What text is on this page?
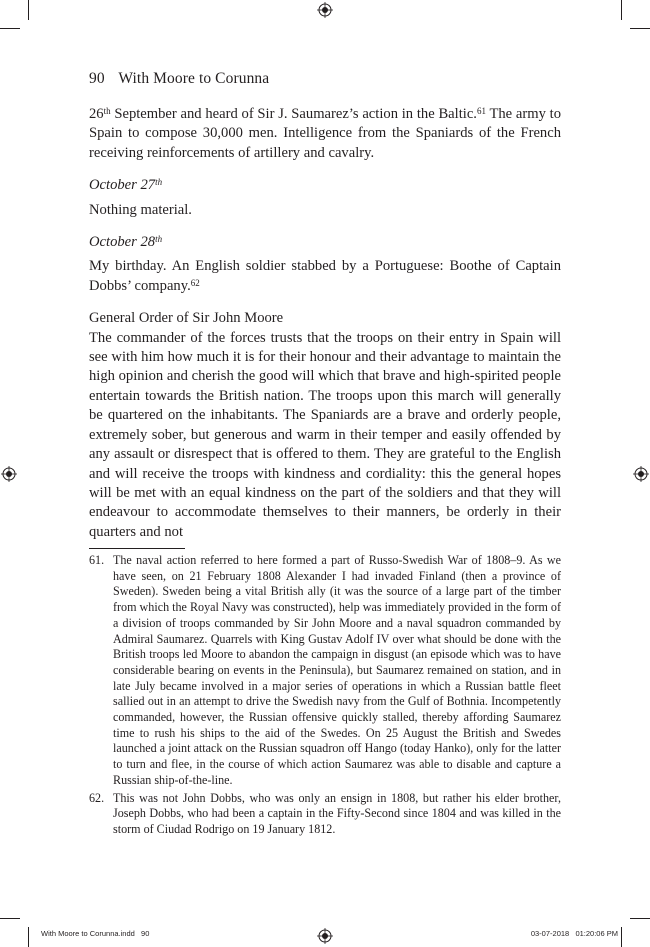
90 With Moore to Corunna

26th September and heard of Sir J. Saumarez’s action in the Baltic.$^{61}$ The army to Spain to compose 30,000 men. Intelligence from the Spaniards of the French receiving reinforcements of artillery and cavalry.

October 27th

Nothing material.

October 28th

My birthday. An English soldier stabbed by a Portuguese: Boothe of Captain Dobbs’ company.$^{62}$

General Order of Sir John Moore

The commander of the forces trusts that the troops on their entry in Spain will see with him how much it is for their honour and their advantage to maintain the high opinion and cherish the good will which that brave and high-spirited people entertain towards the British nation. The troops upon this march will generally be quartered on the inhabitants. The Spaniards are a brave and orderly people, extremely sober, but generous and warm in their temper and easily offended by any assault or disrespect that is offered to them. They are grateful to the English and will receive the troops with kindness and cordiality: this the general hopes will be met with an equal kindness on the part of the soldiers and that they will endeavour to accommodate themselves to their manners, be orderly in their quarters and not

61. The naval action referred to here formed a part of Russo-Swedish War of 1808–9. As we have seen, on 21 February 1808 Alexander I had invaded Finland (then a province of Sweden). Sweden being a vital British ally (it was the source of a large part of the timber from which the Royal Navy was constructed), help was immediately provided in the form of a division of troops commanded by Sir John Moore and a naval squadron commanded by Admiral Saumarez. Quarrels with King Gustav Adolf IV over what should be done with the British troops led Moore to abandon the campaign in disgust (an episode which was to have considerable bearing on events in the Peninsula), but Saumarez remained on station, and in late July became involved in a major series of operations in which a Russian battle fleet sallied out in an attempt to drive the Swedish navy from the Gulf of Bothnia. Incompetently commanded, however, the Russian offensive quickly stalled, thereby affording Saumarez time to rush his ships to the aid of the Swedes. On 25 August the British and Swedes launched a joint attack on the Russian squadron off Hango (today Hanko), only for the latter to turn and flee, in the course of which action Saumarez was able to disable and capture a Russian ship-of-the-line.
62. This was not John Dobbs, who was only an ensign in 1808, but rather his elder brother, Joseph Dobbs, who had been a captain in the Fifty-Second since 1804 and was killed in the storm of Ciudad Rodrigo on 19 January 1812.
With Moore to Corunna.indd   90	03-07-2018   01:20:06 PM
